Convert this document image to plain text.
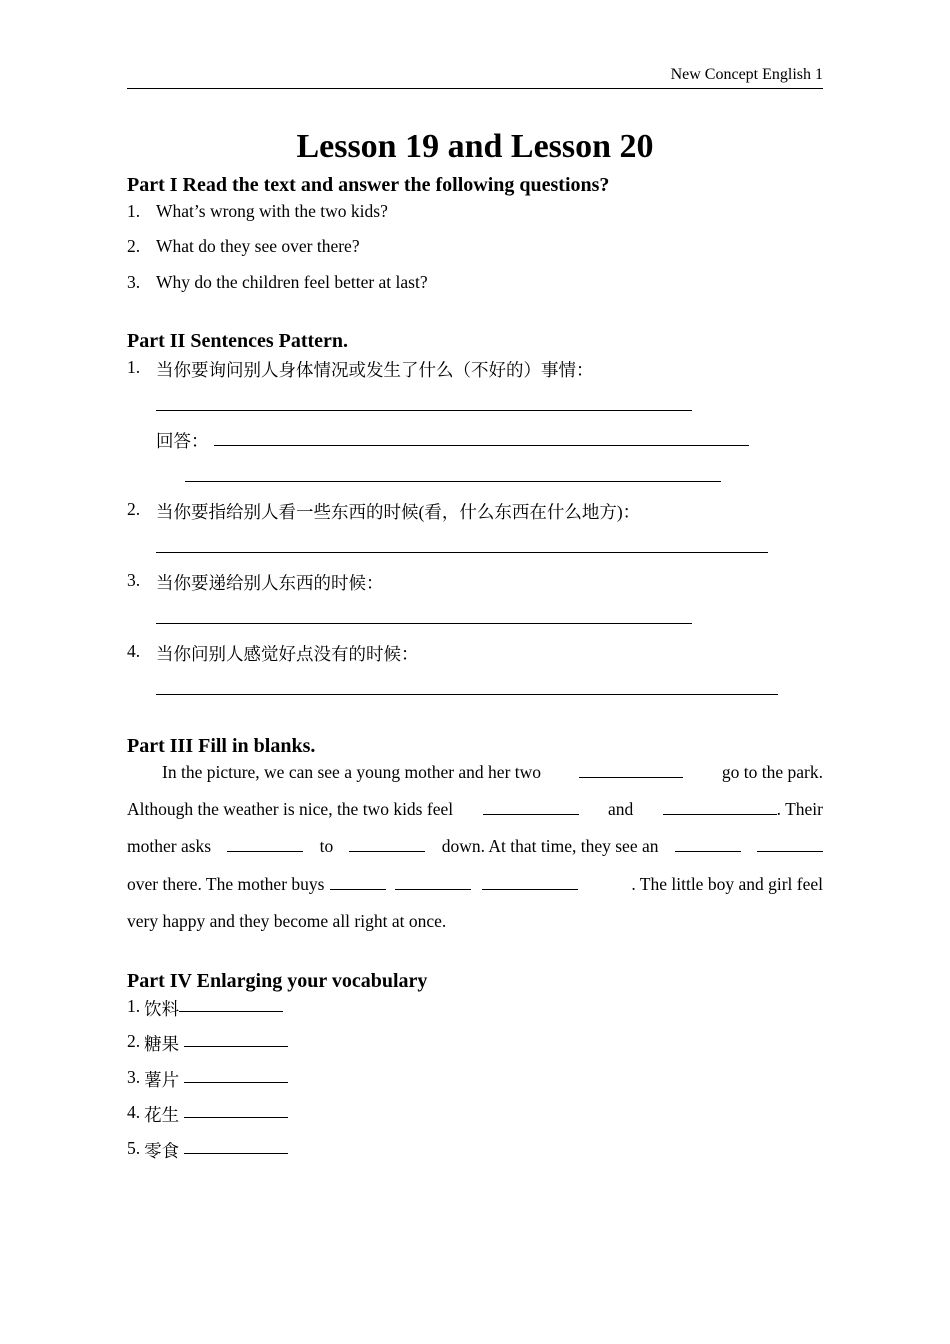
New Concept English 1
Lesson 19 and Lesson 20
Part I Read the text and answer the following questions?
1. What’s wrong with the two kids?
2. What do they see over there?
3. Why do the children feel better at last?
Part II Sentences Pattern.
1. 当你要询问别人身体情况或发生了什么（不好的）事情：
回答：
2. 当你要指给别人看一些东西的时候(看，什么东西在什么地方)：
3. 当你要递给别人东西的时候：
4. 当你问别人感觉好点没有的时候：
Part III Fill in blanks.
In the picture, we can see a young mother and her two	go to the park.
Although the weather is nice, the two kids feel	and	. Their
mother asks	to	down. At that time, they see an
over there. The mother buys	. The little boy and girl feel
very happy and they become all right at once.
Part IV Enlarging your vocabulary
1. 饮料
2. 糖果
3. 薯片
4. 花生
5. 零食
